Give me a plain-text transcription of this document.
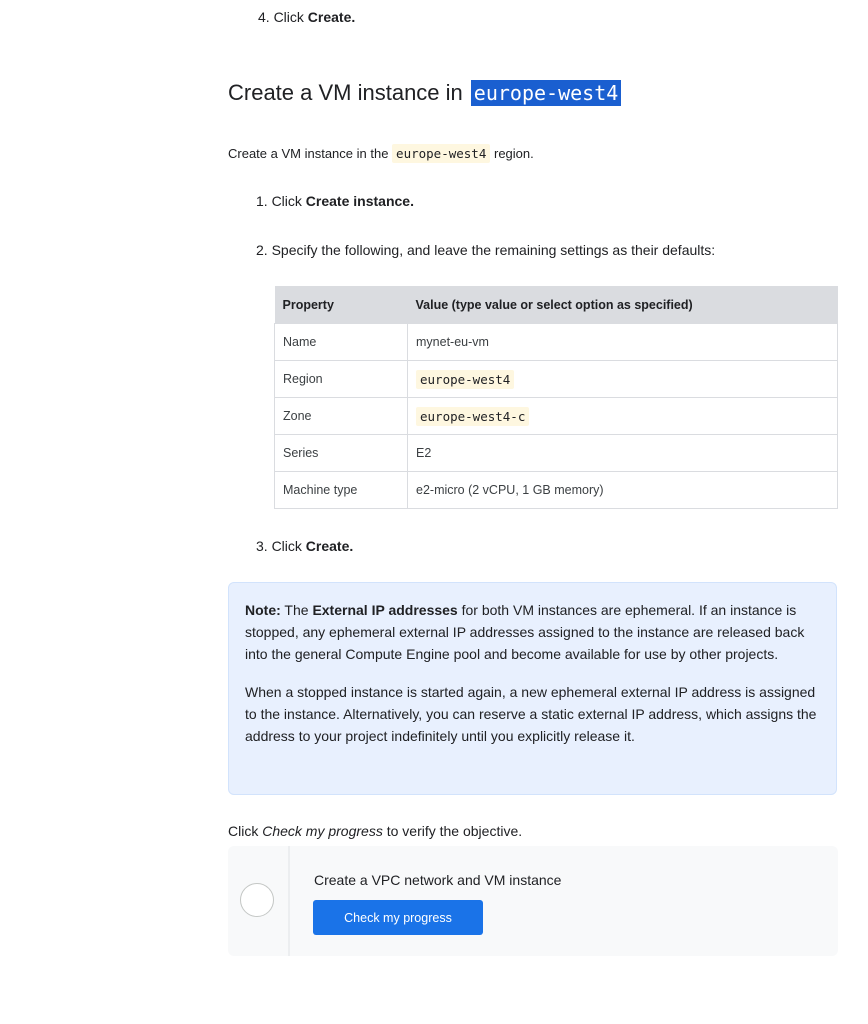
4. Click Create.
Create a VM instance in europe-west4
Create a VM instance in the europe-west4 region.
1. Click Create instance.
2. Specify the following, and leave the remaining settings as their defaults:
Property	Value (type value or select option as specified)
Name	mynet-eu-vm
Region	europe-west4
Zone	europe-west4-c
Series	E2
Machine type	e2-micro (2 vCPU, 1 GB memory)
3. Click Create.

Note: The External IP addresses for both VM instances are ephemeral. If an instance is stopped, any ephemeral external IP addresses assigned to the instance are released back into the general Compute Engine pool and become available for use by other projects.

When a stopped instance is started again, a new ephemeral external IP address is assigned to the instance. Alternatively, you can reserve a static external IP address, which assigns the address to your project indefinitely until you explicitly release it.

Click Check my progress to verify the objective.
Create a VPC network and VM instance
Check my progress
